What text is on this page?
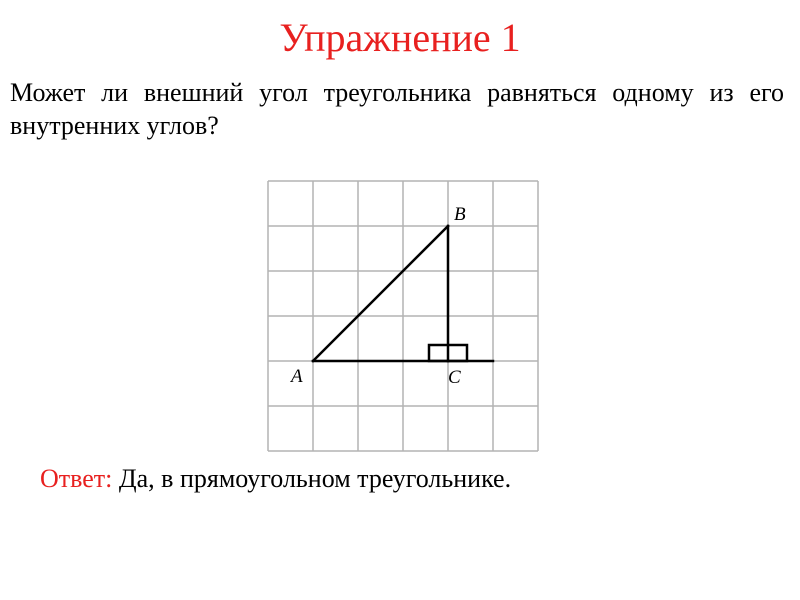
Упражнение 1
Может ли внешний угол треугольника равняться одному из его внутренних углов?
A
B
C
Ответ: Да, в прямоугольном треугольнике.
